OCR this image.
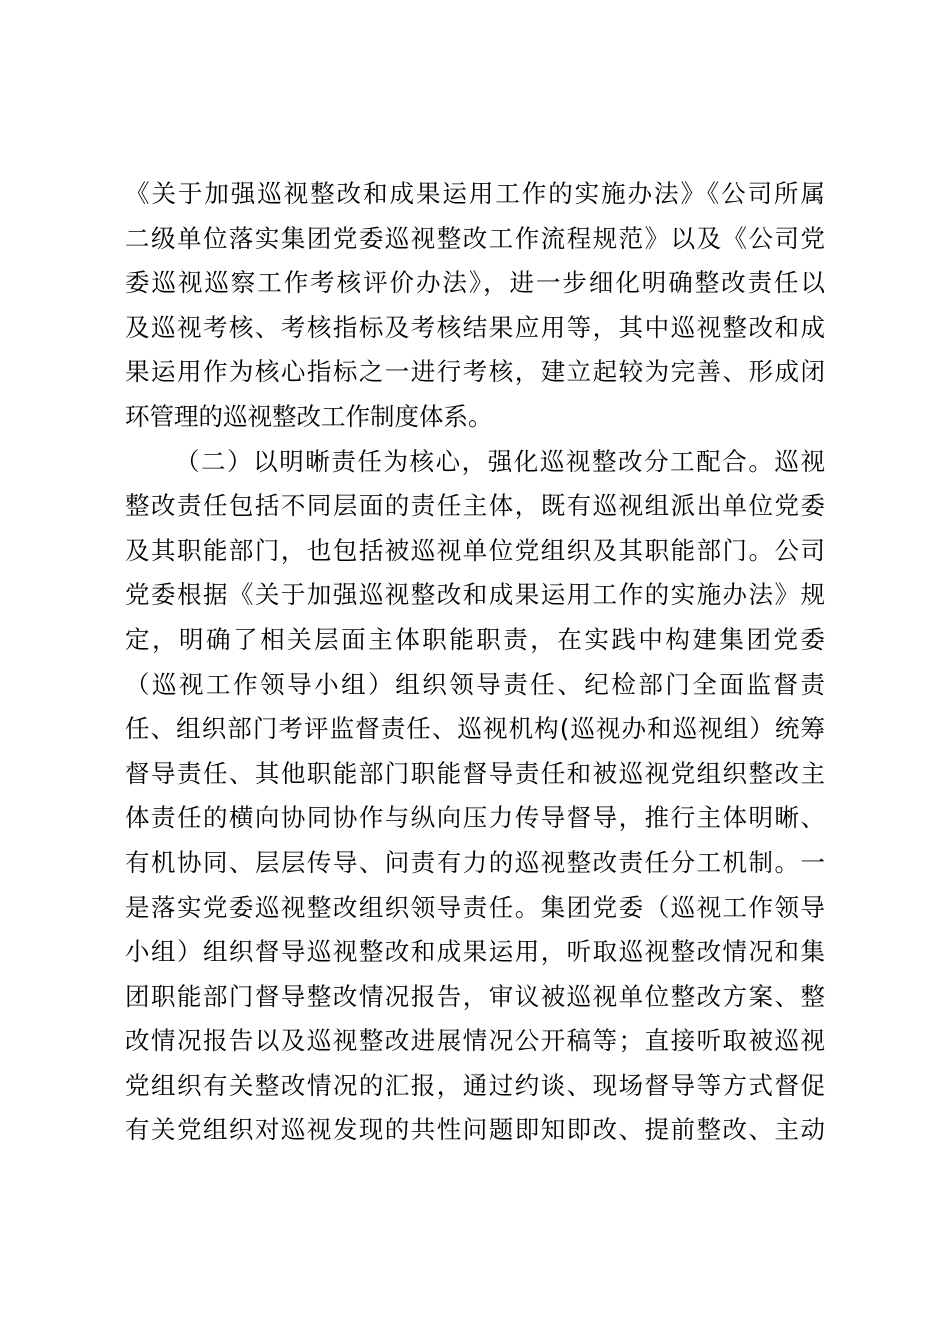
《关于加强巡视整改和成果运用工作的实施办法》《公司所属
二级单位落实集团党委巡视整改工作流程规范》以及《公司党
委巡视巡察工作考核评价办法》，进一步细化明确整改责任以
及巡视考核、考核指标及考核结果应用等，其中巡视整改和成
果运用作为核心指标之一进行考核，建立起较为完善、形成闭
环管理的巡视整改工作制度体系。
（二）以明晰责任为核心，强化巡视整改分工配合。巡视
整改责任包括不同层面的责任主体，既有巡视组派出单位党委
及其职能部门，也包括被巡视单位党组织及其职能部门。公司
党委根据《关于加强巡视整改和成果运用工作的实施办法》规
定，明确了相关层面主体职能职责，在实践中构建集团党委
（巡视工作领导小组）组织领导责任、纪检部门全面监督责
任、组织部门考评监督责任、巡视机构(巡视办和巡视组）统筹
督导责任、其他职能部门职能督导责任和被巡视党组织整改主
体责任的横向协同协作与纵向压力传导督导，推行主体明晰、
有机协同、层层传导、问责有力的巡视整改责任分工机制。一
是落实党委巡视整改组织领导责任。集团党委（巡视工作领导
小组）组织督导巡视整改和成果运用，听取巡视整改情况和集
团职能部门督导整改情况报告，审议被巡视单位整改方案、整
改情况报告以及巡视整改进展情况公开稿等；直接听取被巡视
党组织有关整改情况的汇报，通过约谈、现场督导等方式督促
有关党组织对巡视发现的共性问题即知即改、提前整改、主动
